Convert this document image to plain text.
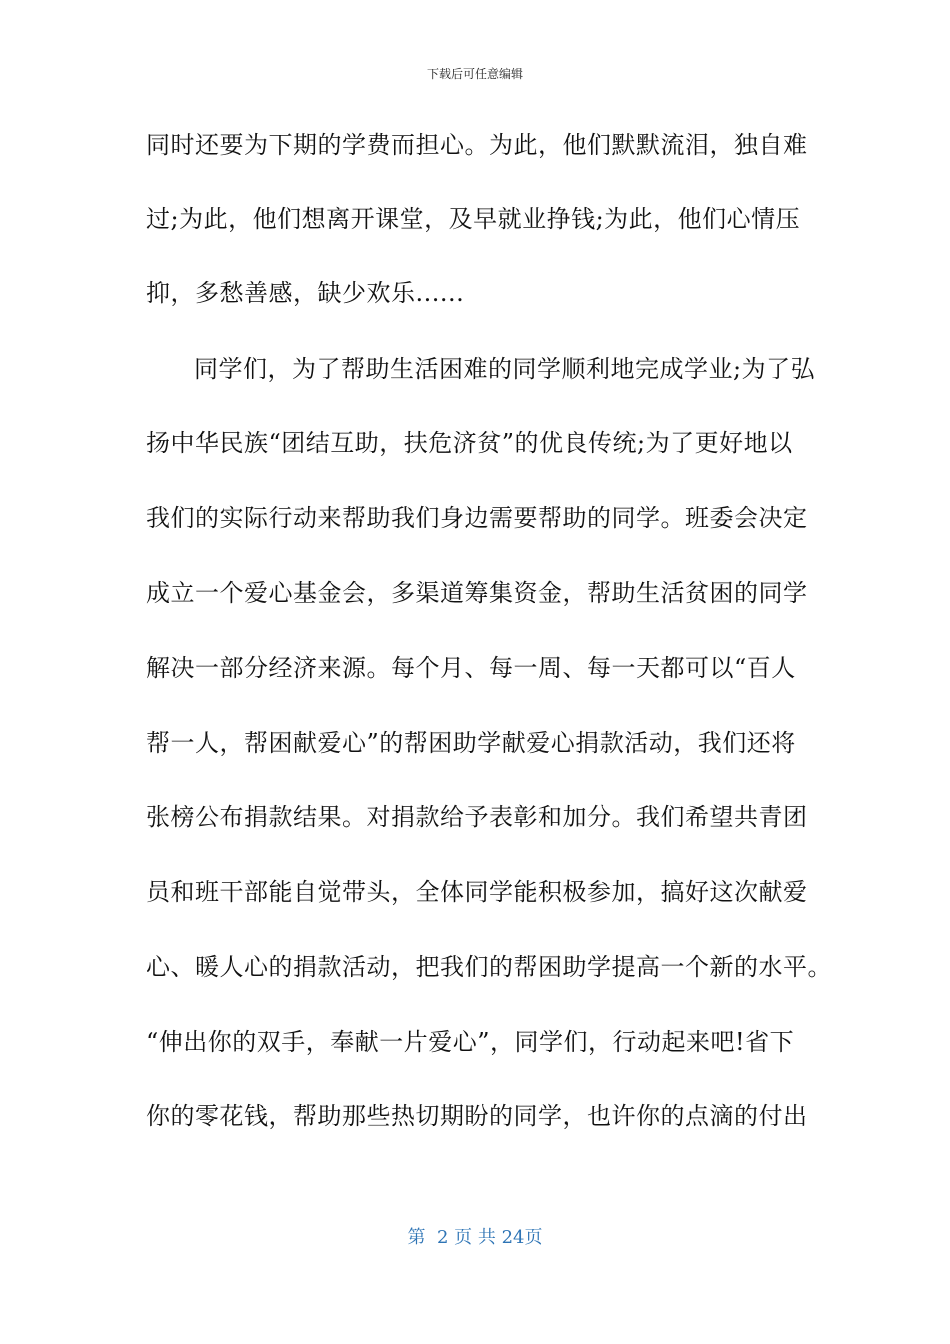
下载后可任意编辑
同时还要为下期的学费而担心。为此，他们默默流泪，独自难
过;为此，他们想离开课堂，及早就业挣钱;为此，他们心情压
抑，多愁善感，缺少欢乐......
同学们，为了帮助生活困难的同学顺利地完成学业;为了弘
扬中华民族“团结互助，扶危济贫”的优良传统;为了更好地以
我们的实际行动来帮助我们身边需要帮助的同学。班委会决定
成立一个爱心基金会，多渠道筹集资金，帮助生活贫困的同学
解决一部分经济来源。每个月、每一周、每一天都可以“百人
帮一人，帮困献爱心”的帮困助学献爱心捐款活动，我们还将
张榜公布捐款结果。对捐款给予表彰和加分。我们希望共青团
员和班干部能自觉带头，全体同学能积极参加，搞好这次献爱
心、暖人心的捐款活动，把我们的帮困助学提高一个新的水平。
“伸出你的双手，奉献一片爱心”，同学们，行动起来吧!省下
你的零花钱，帮助那些热切期盼的同学，也许你的点滴的付出
第  2 页 共 24页
